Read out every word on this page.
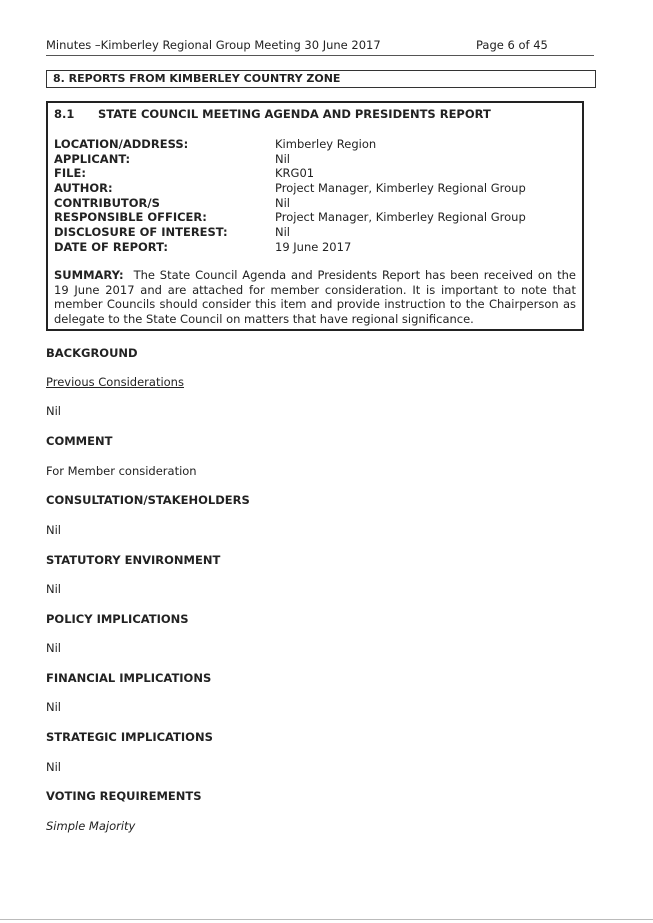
Minutes –Kimberley Regional Group Meeting 30 June 2017	Page 6 of 45
8. REPORTS FROM KIMBERLEY COUNTRY ZONE
8.1 STATE COUNCIL MEETING AGENDA AND PRESIDENTS REPORT
LOCATION/ADDRESS:	Kimberley Region
APPLICANT:	Nil
FILE:	KRG01
AUTHOR:	Project Manager, Kimberley Regional Group
CONTRIBUTOR/S	Nil
RESPONSIBLE OFFICER:	Project Manager, Kimberley Regional Group
DISCLOSURE OF INTEREST:	Nil
DATE OF REPORT:	19 June 2017
SUMMARY: The State Council Agenda and Presidents Report has been received on the 19 June 2017 and are attached for member consideration. It is important to note that member Councils should consider this item and provide instruction to the Chairperson as delegate to the State Council on matters that have regional significance.
BACKGROUND
Previous Considerations
Nil
COMMENT
For Member consideration
CONSULTATION/STAKEHOLDERS
Nil
STATUTORY ENVIRONMENT
Nil
POLICY IMPLICATIONS
Nil
FINANCIAL IMPLICATIONS
Nil
STRATEGIC IMPLICATIONS
Nil
VOTING REQUIREMENTS
Simple Majority
